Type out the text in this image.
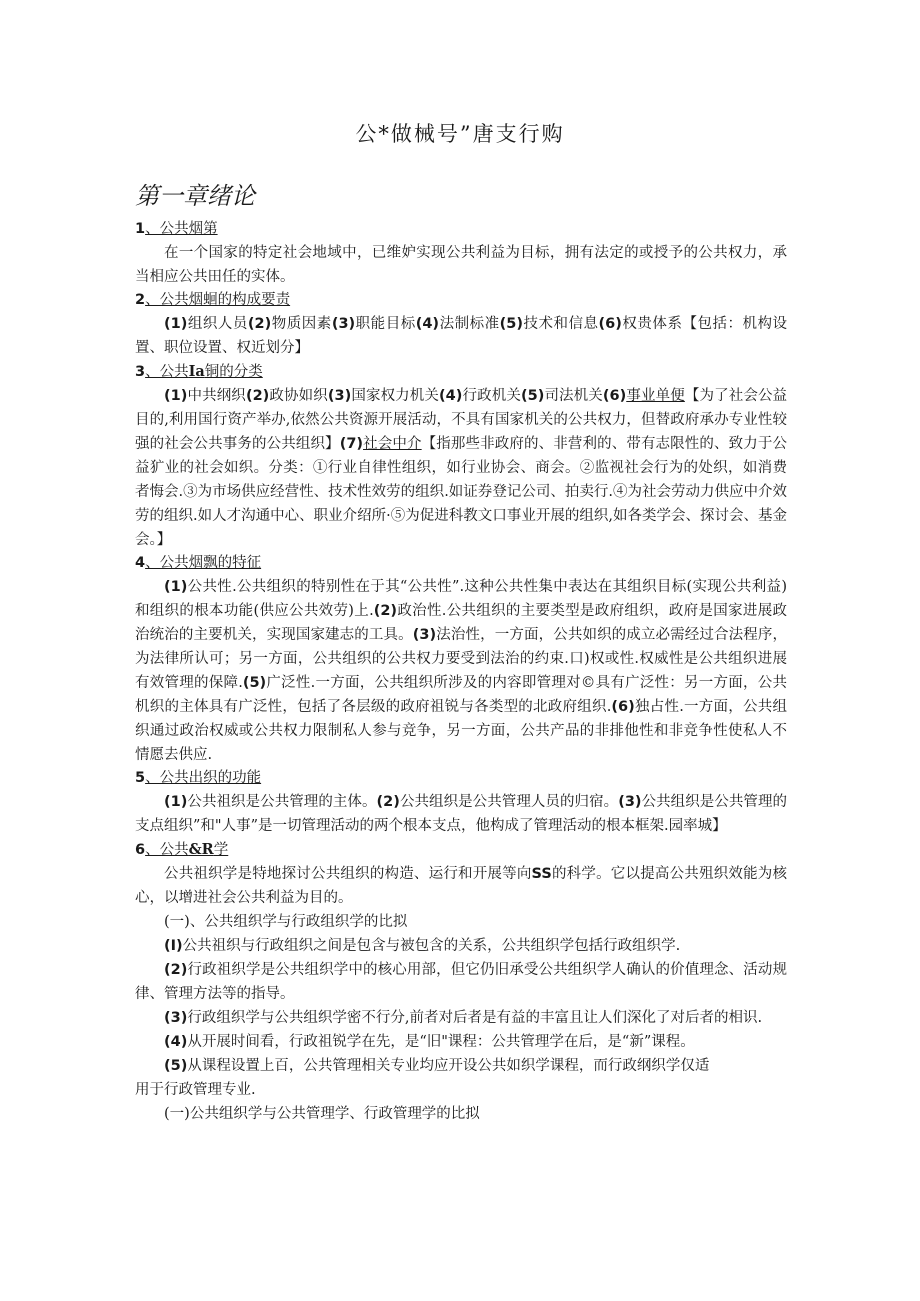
公*做械号”唐支行购
第一章绪论

1、公共烟第

在一个国家的特定社会地域中，已维妒实现公共利益为目标，拥有法定的或授予的公共权力，承当相应公共田任的实体。

2、公共烟蛔的构成要责

(1)组织人员(2)物质因素(3)职能目标(4)法制标准(5)技术和信息(6)权贵体系【包括：机构设置、职位设置、权近划分】

3、公共Ia铜的分类

(1)中共纲织(2)政协如织(3)国家权力机关(4)行政机关(5)司法机关(6)事业单便【为了社会公益目的,利用国行资产举办,依然公共资源开展活动，不具有国家机关的公共权力，但替政府承办专业性较强的社会公共事务的公共组织】(7)社会中介【指那些非政府的、非营利的、带有志限性的、致力于公益犷业的社会如织。分类：①行业自律性组织，如行业协会、商会。②监视社会行为的处织，如消费者悔会.③为市场供应经营性、技术性效劳的组织.如证券登记公司、拍卖行.④为社会劳动力供应中介效劳的组织.如人才沟通中心、职业介绍所·⑤为促进科教文口事业开展的组织,如各类学会、探讨会、基金会。】

4、公共烟飘的特征

(1)公共性.公共组织的特别性在于其“公共性”.这种公共性集中表达在其组织目标(实现公共利益)和组织的根本功能(供应公共效劳)上.(2)政治性.公共组织的主要类型是政府组织，政府是国家进展政治统治的主要机关，实现国家建志的工具。(3)法治性，一方面，公共如织的成立必需经过合法程序，为法律所认可；另一方面，公共组织的公共权力要受到法治的约束.口)权或性.权威性是公共组织进展有效管理的保障.(5)广泛性.一方面，公共组织所涉及的内容即管理对©具有广泛性：另一方面，公共机织的主体具有广泛性，包括了各层级的政府祖锐与各类型的北政府组织.(6)独占性.一方面，公共组织通过政治权威或公共权力限制私人参与竞争，另一方面，公共产品的非排他性和非竞争性使私人不情愿去供应.

5、公共出织的功能

(1)公共祖织是公共管理的主体。(2)公共组织是公共管理人员的归宿。(3)公共组织是公共管理的支点组织”和"人事”是一切管理活动的两个根本支点，他构成了管理活动的根本框架.园率城】

6、公共&R学

公共祖织学是特地探讨公共组织的构造、运行和开展等向SS的科学。它以提高公共殂织效能为核心，以增进社会公共利益为目的。

(一)、公共组织学与行政组织学的比拟

(I)公共祖织与行政组织之间是包含与被包含的关系，公共组织学包括行政组织学.

(2)行政祖织学是公共组织学中的核心用部，但它仍旧承受公共组织学人确认的价值理念、活动规律、管理方法等的指导。

(3)行政组织学与公共组织学密不行分,前者对后者是有益的丰富且让人们深化了对后者的相识.

(4)从开展时间看，行政祖锐学在先，是“旧"课程：公共管理学在后，是“新”课程。

(5)从课程设置上百，公共管理相关专业均应开设公共如织学课程，而行政纲织学仅适

用于行政管理专业.

(一)公共组织学与公共管理学、行政管理学的比拟
